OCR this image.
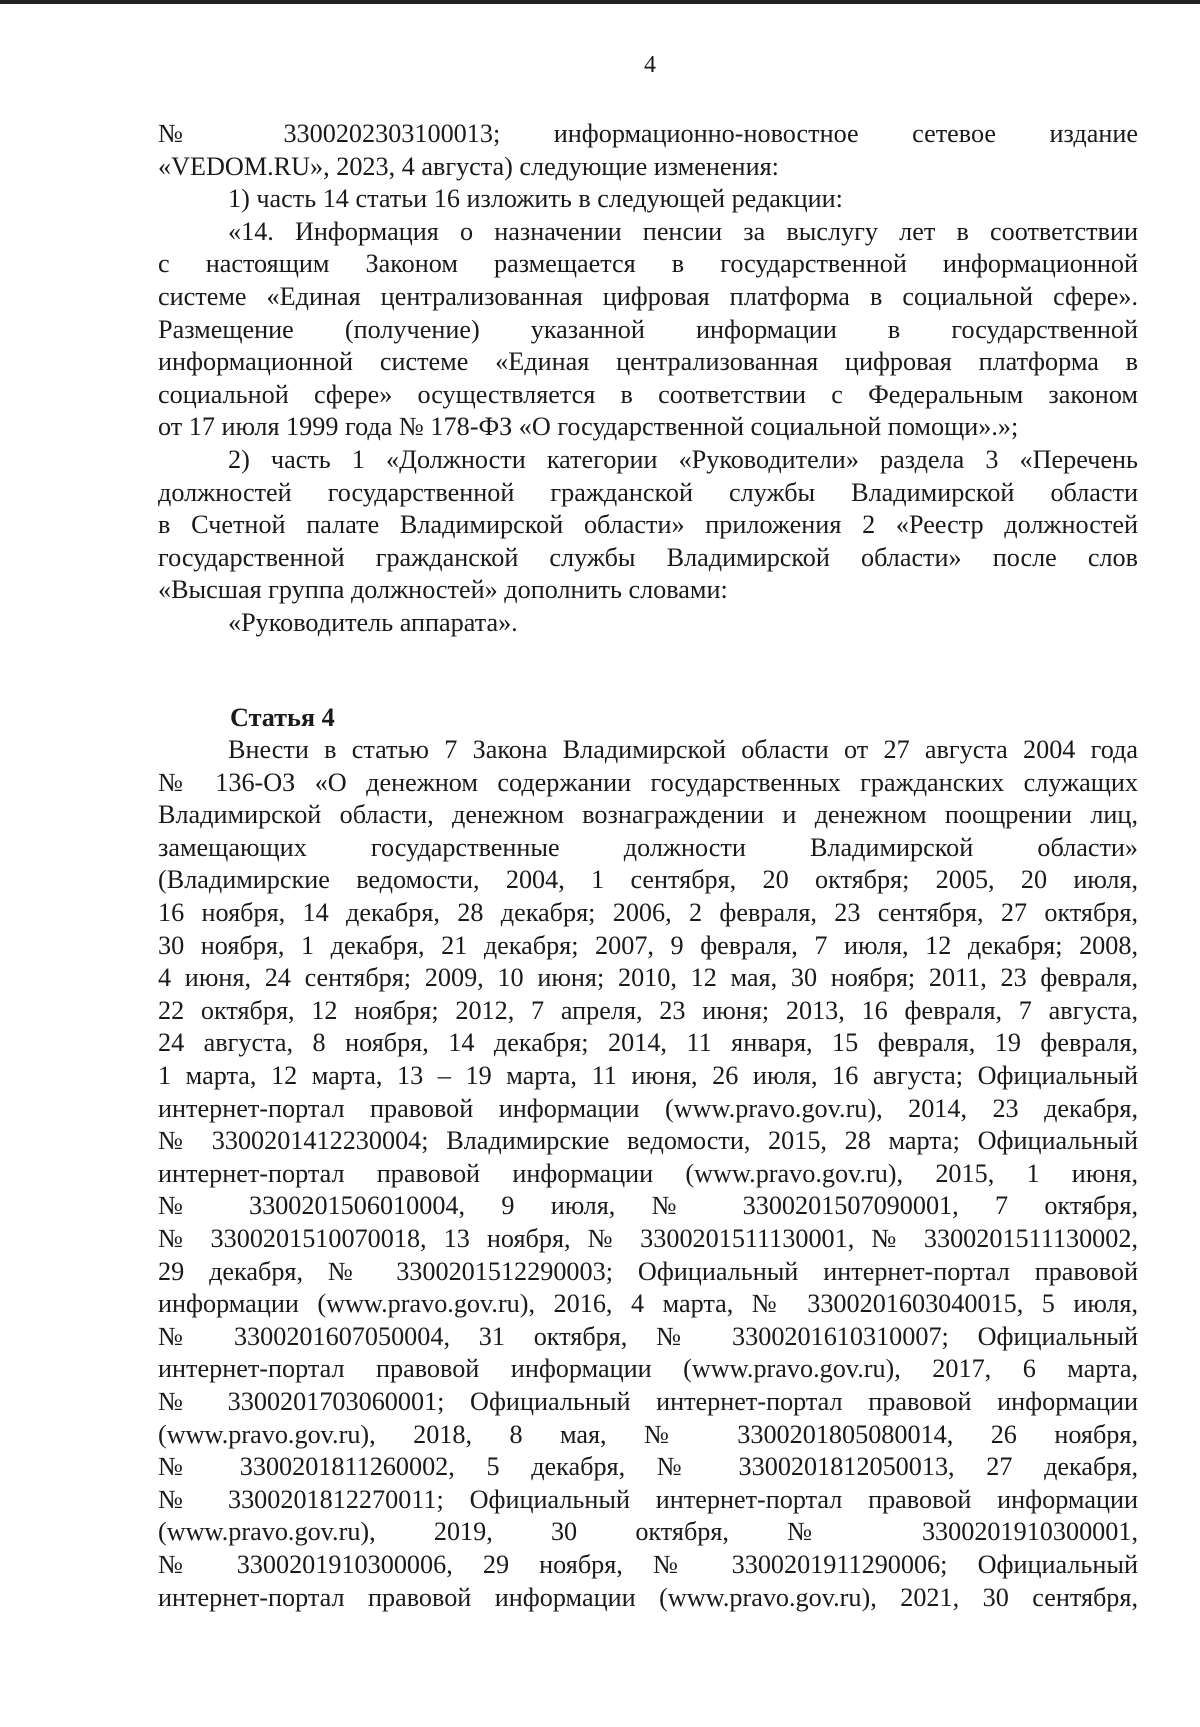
4
№ 3300202303100013; информационно-новостное сетевое издание
«VEDOM.RU», 2023, 4 августа) следующие изменения:
1) часть 14 статьи 16 изложить в следующей редакции:
«14. Информация о назначении пенсии за выслугу лет в соответствии
с настоящим Законом размещается в государственной информационной
системе «Единая централизованная цифровая платформа в социальной сфере».
Размещение (получение) указанной информации в государственной
информационной системе «Единая централизованная цифровая платформа в
социальной сфере» осуществляется в соответствии с Федеральным законом
от 17 июля 1999 года № 178-ФЗ «О государственной социальной помощи».»;
2) часть 1 «Должности категории «Руководители» раздела 3 «Перечень
должностей государственной гражданской службы Владимирской области
в Счетной палате Владимирской области» приложения 2 «Реестр должностей
государственной гражданской службы Владимирской области» после слов
«Высшая группа должностей» дополнить словами:
«Руководитель аппарата».
Статья 4
Внести в статью 7 Закона Владимирской области от 27 августа 2004 года
№ 136-ОЗ «О денежном содержании государственных гражданских служащих
Владимирской области, денежном вознаграждении и денежном поощрении лиц,
замещающих государственные должности Владимирской области»
(Владимирские ведомости, 2004, 1 сентября, 20 октября; 2005, 20 июля,
16 ноября, 14 декабря, 28 декабря; 2006, 2 февраля, 23 сентября, 27 октября,
30 ноября, 1 декабря, 21 декабря; 2007, 9 февраля, 7 июля, 12 декабря; 2008,
4 июня, 24 сентября; 2009, 10 июня; 2010, 12 мая, 30 ноября; 2011, 23 февраля,
22 октября, 12 ноября; 2012, 7 апреля, 23 июня; 2013, 16 февраля, 7 августа,
24 августа, 8 ноября, 14 декабря; 2014, 11 января, 15 февраля, 19 февраля,
1 марта, 12 марта, 13 – 19 марта, 11 июня, 26 июля, 16 августа; Официальный
интернет-портал правовой информации (www.pravo.gov.ru), 2014, 23 декабря,
№ 3300201412230004; Владимирские ведомости, 2015, 28 марта; Официальный
интернет-портал правовой информации (www.pravo.gov.ru), 2015, 1 июня,
№ 3300201506010004, 9 июля, № 3300201507090001, 7 октября,
№ 3300201510070018, 13 ноября, № 3300201511130001, № 3300201511130002,
29 декабря, № 3300201512290003; Официальный интернет-портал правовой
информации (www.pravo.gov.ru), 2016, 4 марта, № 3300201603040015, 5 июля,
№ 3300201607050004, 31 октября, № 3300201610310007; Официальный
интернет-портал правовой информации (www.pravo.gov.ru), 2017, 6 марта,
№ 3300201703060001; Официальный интернет-портал правовой информации
(www.pravo.gov.ru), 2018, 8 мая, № 3300201805080014, 26 ноября,
№ 3300201811260002, 5 декабря, № 3300201812050013, 27 декабря,
№ 3300201812270011; Официальный интернет-портал правовой информации
(www.pravo.gov.ru), 2019, 30 октября, № 3300201910300001,
№ 3300201910300006, 29 ноября, № 3300201911290006; Официальный
интернет-портал правовой информации (www.pravo.gov.ru), 2021, 30 сентября,
